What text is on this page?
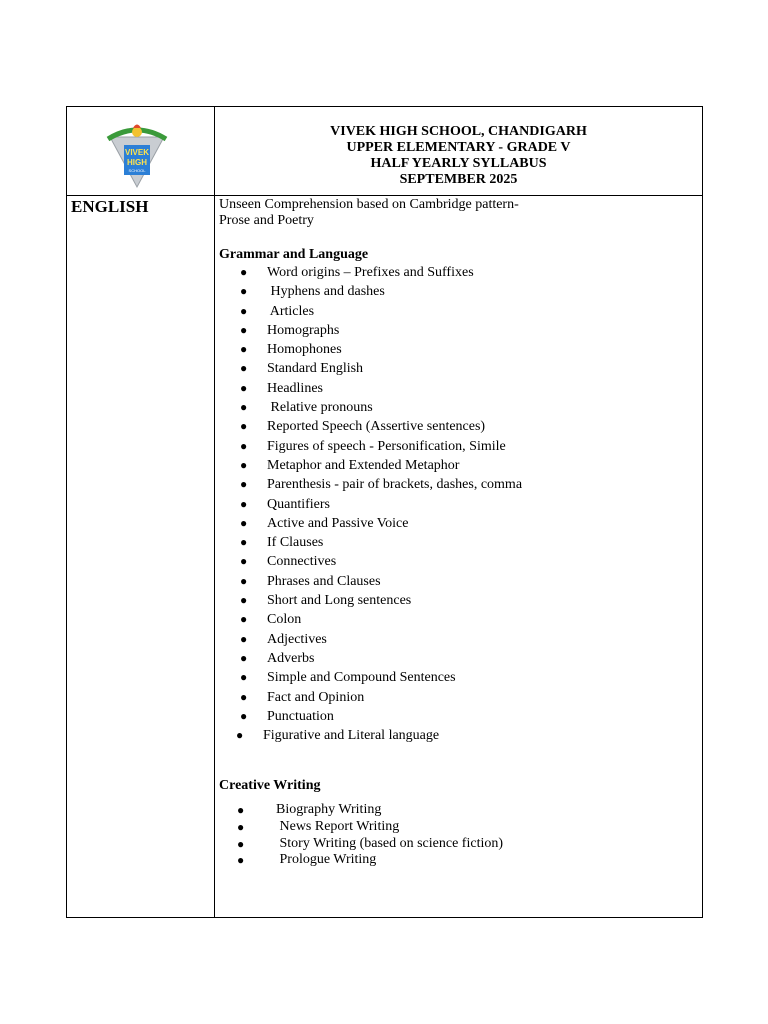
VIVEK
HIGH
SCHOOL
VIVEK HIGH SCHOOL, CHANDIGARH
UPPER ELEMENTARY - GRADE V
HALF YEARLY SYLLABUS
SEPTEMBER 2025
ENGLISH	Unseen Comprehension based on Cambridge pattern-
Prose and Poetry
Grammar and Language
● Word origins – Prefixes and Suffixes
● Hyphens and dashes
● Articles
● Homographs
● Homophones
● Standard English
● Headlines
● Relative pronouns
● Reported Speech (Assertive sentences)
● Figures of speech - Personification, Simile
● Metaphor and Extended Metaphor
● Parenthesis - pair of brackets, dashes, comma
● Quantifiers
● Active and Passive Voice
● If Clauses
● Connectives
● Phrases and Clauses
● Short and Long sentences
● Colon
● Adjectives
● Adverbs
● Simple and Compound Sentences
● Fact and Opinion
● Punctuation
● Figurative and Literal language
Creative Writing
● Biography Writing
● News Report Writing
● Story Writing (based on science fiction)
● Prologue Writing
